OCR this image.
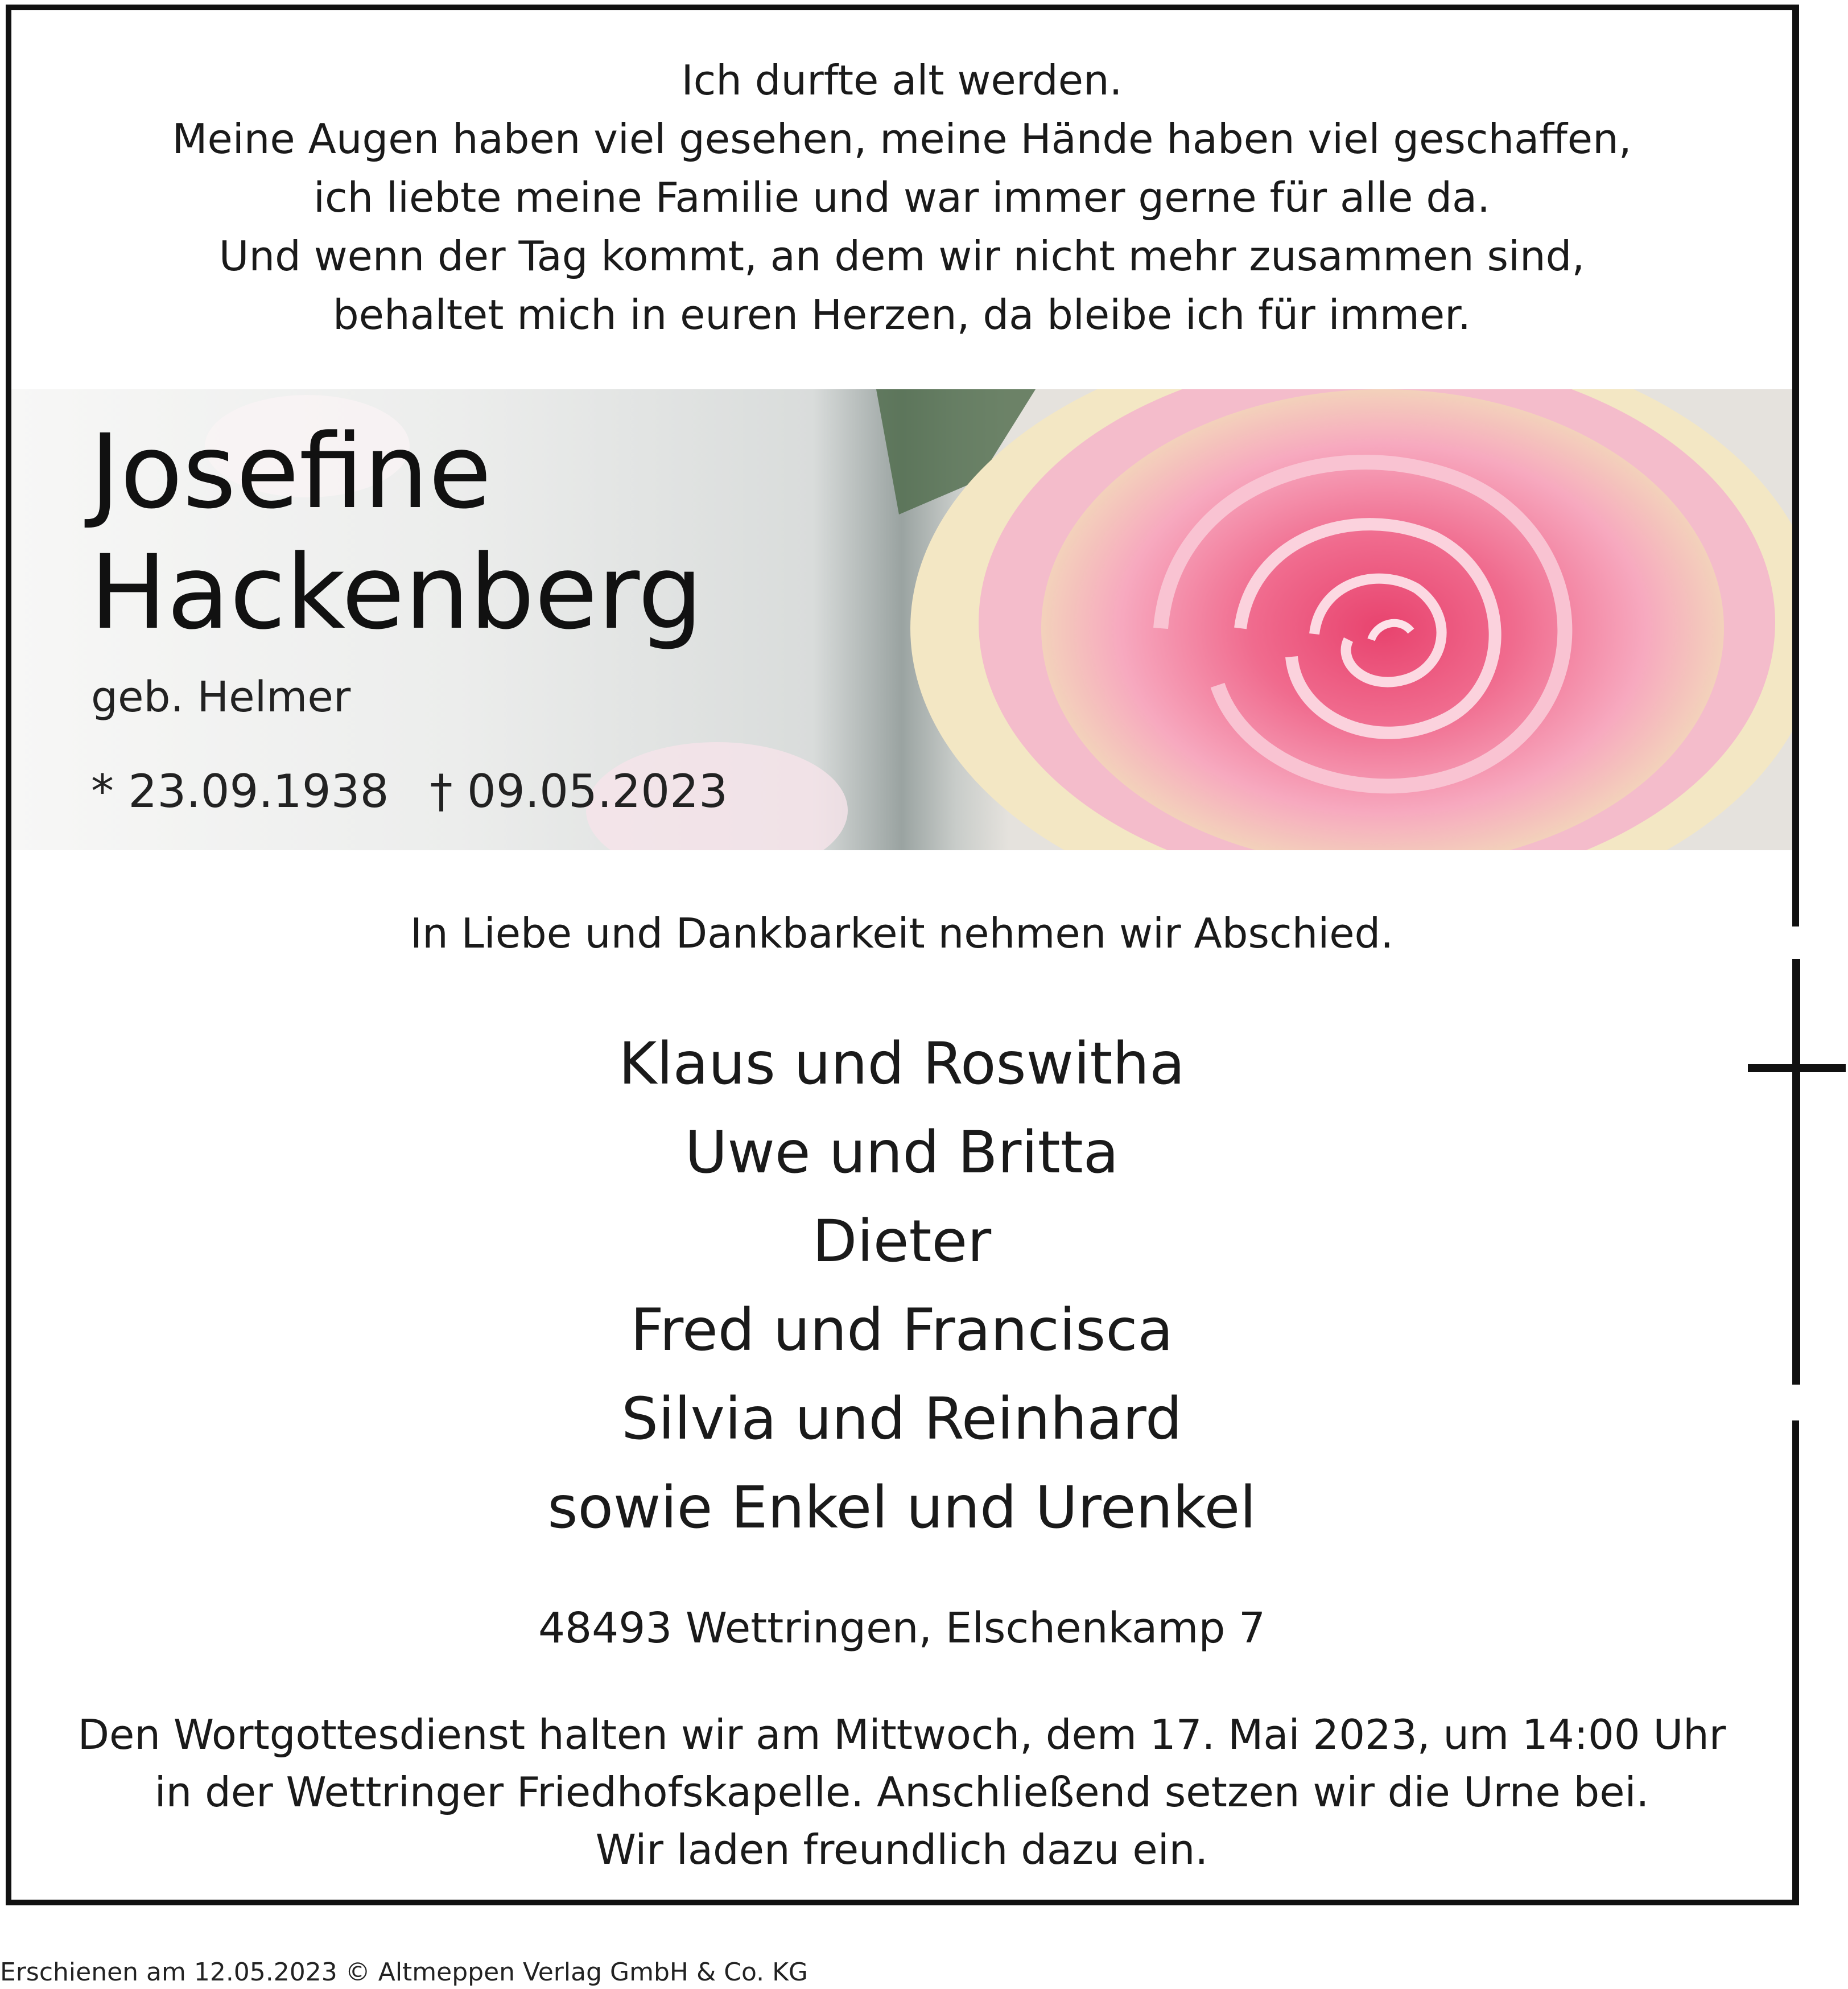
Ich durfte alt werden.
Meine Augen haben viel gesehen, meine Hände haben viel geschaffen,
ich liebte meine Familie und war immer gerne für alle da.
Und wenn der Tag kommt, an dem wir nicht mehr zusammen sind,
behaltet mich in euren Herzen, da bleibe ich für immer.
Josefine
Hackenberg
geb. Helmer
* 23.09.1938 † 09.05.2023
In Liebe und Dankbarkeit nehmen wir Abschied.
Klaus und Roswitha
Uwe und Britta
Dieter
Fred und Francisca
Silvia und Reinhard
sowie Enkel und Urenkel
48493 Wettringen, Elschenkamp 7
Den Wortgottesdienst halten wir am Mittwoch, dem 17. Mai 2023, um 14:00 Uhr
in der Wettringer Friedhofskapelle. Anschließend setzen wir die Urne bei.
Wir laden freundlich dazu ein.
Erschienen am 12.05.2023 © Altmeppen Verlag GmbH & Co. KG
